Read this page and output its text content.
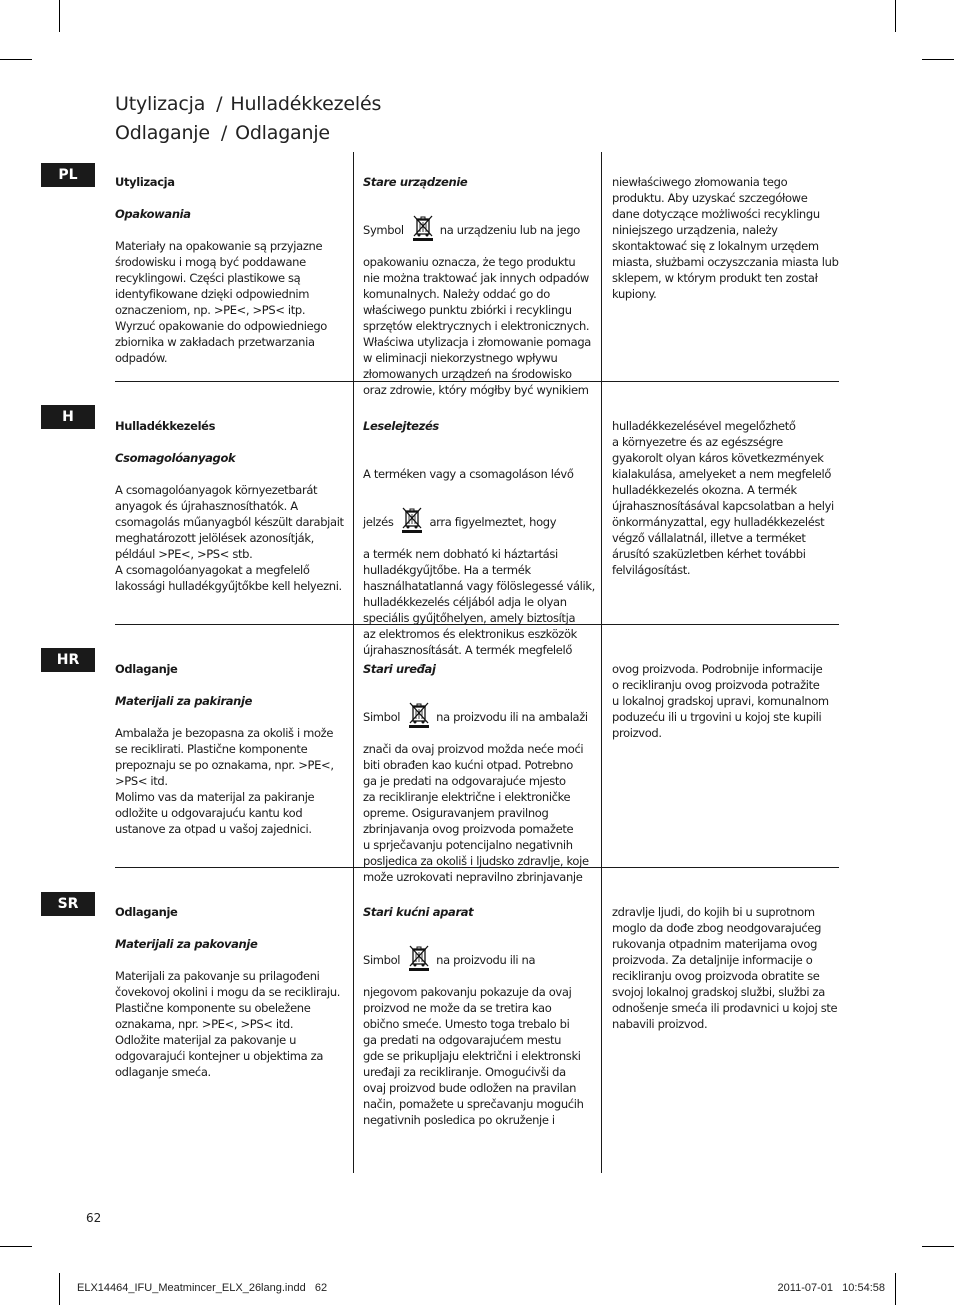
Utylizacja / Hulladékkezelés
Odlaganje / Odlaganje
PL	Utylizacja

Opakowania

Materiały na opakowanie są przyjazne
środowisku i mogą być poddawane
recyklingowi. Części plastikowe są
identyfikowane dzięki odpowiednim
oznaczeniom, np. >PE<, >PS< itp.
Wyrzuć opakowanie do odpowiedniego
zbiornika w zakładach przetwarzania
odpadów.

Stare urządzenie

Symbol	na urządzeniu lub na jego

opakowaniu oznacza, że tego produktu
nie można traktować jak innych odpadów
komunalnych. Należy oddać go do
właściwego punktu zbiórki i recyklingu
sprzętów elektrycznych i elektronicznych.
Właściwa utylizacja i złomowanie pomaga
w eliminacji niekorzystnego wpływu
złomowanych urządzeń na środowisko
oraz zdrowie, który mógłby być wynikiem

niewłaściwego złomowania tego
produktu. Aby uzyskać szczegółowe
dane dotyczące możliwości recyklingu
niniejszego urządzenia, należy
skontaktować się z lokalnym urzędem
miasta, służbami oczyszczania miasta lub
sklepem, w którym produkt ten został
kupiony.

H

Hulladékkezelés

Csomagolóanyagok

A csomagolóanyagok környezetbarát
anyagok és újrahasznosíthatók. A
csomagolás műanyagból készült darabjait
meghatározott jelölések azonosítják,
például >PE<, >PS< stb.
A csomagolóanyagokat a megfelelő
lakossági hulladékgyűjtőkbe kell helyezni.

Leselejtezés

A terméken vagy a csomagoláson lévő

jelzés	arra figyelmeztet, hogy

a termék nem dobható ki háztartási
hulladékgyűjtőbe. Ha a termék
használhatatlanná vagy fölöslegessé válik,
hulladékkezelés céljából adja le olyan
speciális gyűjtőhelyen, amely biztosítja
az elektromos és elektronikus eszközök
újrahasznosítását. A termék megfelelő

hulladékkezelésével megelőzhető
a környezetre és az egészségre
gyakorolt olyan káros következmények
kialakulása, amelyeket a nem megfelelő
hulladékkezelés okozna. A termék
újrahasznosításával kapcsolatban a helyi
önkormányzattal, egy hulladékkezelést
végző vállalatnál, illetve a terméket
árusító szaküzletben kérhet további
felvilágosítást.

HR

Odlaganje

Materijali za pakiranje

Ambalaža je bezopasna za okoliš i može
se reciklirati. Plastične komponente
prepoznaju se po oznakama, npr. >PE<,
>PS< itd.
Molimo vas da materijal za pakiranje
odložite u odgovarajuću kantu kod
ustanove za otpad u vašoj zajednici.

Stari uređaj

Simbol	na proizvodu ili na ambalaži

znači da ovaj proizvod možda neće moći
biti obrađen kao kućni otpad. Potrebno
ga je predati na odgovarajuće mjesto
za recikliranje električne i elektroničke
opreme. Osiguravanjem pravilnog
zbrinjavanja ovog proizvoda pomažete
u sprječavanju potencijalno negativnih
posljedica za okoliš i ljudsko zdravlje, koje
može uzrokovati nepravilno zbrinjavanje

ovog proizvoda. Podrobnije informacije
o recikliranju ovog proizvoda potražite
u lokalnoj gradskoj upravi, komunalnom
poduzeću ili u trgovini u kojoj ste kupili
proizvod.

SR	Odlaganje

Materijali za pakovanje

Materijali za pakovanje su prilagođeni
čovekovoj okolini i mogu da se recikliraju.
Plastične komponente su obeležene
oznakama, npr. >PE<, >PS< itd.
Odložite materijal za pakovanje u
odgovarajući kontejner u objektima za
odlaganje smeća.

Stari kućni aparat

Simbol	na proizvodu ili na

njegovom pakovanju pokazuje da ovaj
proizvod ne može da se tretira kao
obično smeće. Umesto toga trebalo bi
ga predati na odgovarajućem mestu
gde se prikupljaju električni i elektronski
uređaji za recikliranje. Omogućivši da
ovaj proizvod bude odložen na pravilan
način, pomažete u sprečavanju mogućih
negativnih posledica po okruženje i

zdravlje ljudi, do kojih bi u suprotnom
moglo da dođe zbog neodgovarajućeg
rukovanja otpadnim materijama ovog
proizvoda. Za detaljnije informacije o
recikliranju ovog proizvoda obratite se
svojoj lokalnoj gradskoj službi, službi za
odnošenje smeća ili prodavnici u kojoj ste
nabavili proizvod.

62
ELX14464_IFU_Meatmincer_ELX_26lang.indd   62	2011-07-01   10:54:58
